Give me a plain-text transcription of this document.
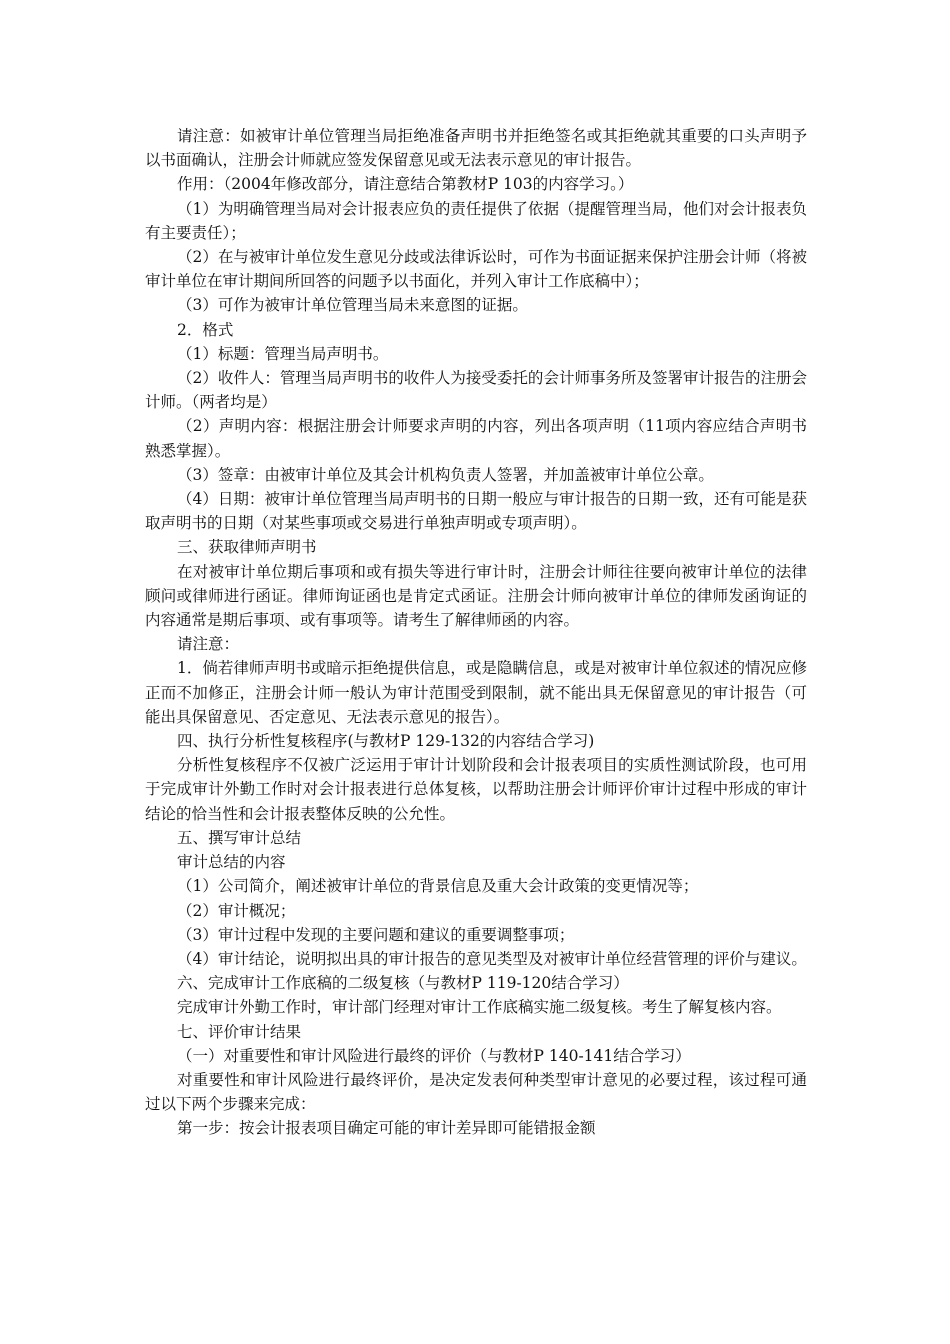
请注意：如被审计单位管理当局拒绝准备声明书并拒绝签名或其拒绝就其重要的口头声明予以书面确认，注册会计师就应签发保留意见或无法表示意见的审计报告。

作用：（2004年修改部分，请注意结合第教材P 103的内容学习。）

（1）为明确管理当局对会计报表应负的责任提供了依据（提醒管理当局，他们对会计报表负有主要责任）；

（2）在与被审计单位发生意见分歧或法律诉讼时，可作为书面证据来保护注册会计师（将被审计单位在审计期间所回答的问题予以书面化，并列入审计工作底稿中）；

（3）可作为被审计单位管理当局未来意图的证据。

2．格式

（1）标题：管理当局声明书。

（2）收件人：管理当局声明书的收件人为接受委托的会计师事务所及签署审计报告的注册会计师。（两者均是）

（2）声明内容：根据注册会计师要求声明的内容，列出各项声明（11项内容应结合声明书熟悉掌握）。

（3）签章：由被审计单位及其会计机构负责人签署，并加盖被审计单位公章。

（4）日期：被审计单位管理当局声明书的日期一般应与审计报告的日期一致，还有可能是获取声明书的日期（对某些事项或交易进行单独声明或专项声明）。

三、获取律师声明书

在对被审计单位期后事项和或有损失等进行审计时，注册会计师往往要向被审计单位的法律顾问或律师进行函证。律师询证函也是肯定式函证。注册会计师向被审计单位的律师发函询证的内容通常是期后事项、或有事项等。请考生了解律师函的内容。

请注意：

1．倘若律师声明书或暗示拒绝提供信息，或是隐瞒信息，或是对被审计单位叙述的情况应修正而不加修正，注册会计师一般认为审计范围受到限制，就不能出具无保留意见的审计报告（可能出具保留意见、否定意见、无法表示意见的报告）。

四、执行分析性复核程序(与教材P 129-132的内容结合学习)

分析性复核程序不仅被广泛运用于审计计划阶段和会计报表项目的实质性测试阶段，也可用于完成审计外勤工作时对会计报表进行总体复核，以帮助注册会计师评价审计过程中形成的审计结论的恰当性和会计报表整体反映的公允性。

五、撰写审计总结

审计总结的内容

（1）公司简介，阐述被审计单位的背景信息及重大会计政策的变更情况等；

（2）审计概况；

（3）审计过程中发现的主要问题和建议的重要调整事项；

（4）审计结论，说明拟出具的审计报告的意见类型及对被审计单位经营管理的评价与建议。

六、完成审计工作底稿的二级复核（与教材P 119-120结合学习）

完成审计外勤工作时，审计部门经理对审计工作底稿实施二级复核。考生了解复核内容。

七、评价审计结果

（一）对重要性和审计风险进行最终的评价（与教材P 140-141结合学习）

对重要性和审计风险进行最终评价，是决定发表何种类型审计意见的必要过程，该过程可通过以下两个步骤来完成：

第一步：按会计报表项目确定可能的审计差异即可能错报金额
